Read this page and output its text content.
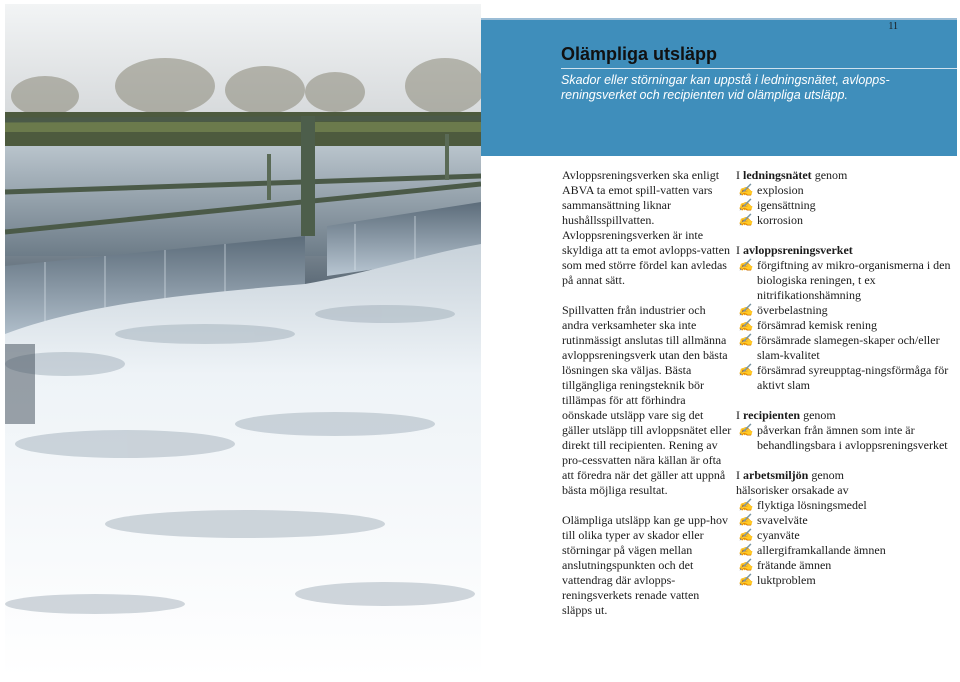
Olämpliga utsläpp
Skador eller störningar kan uppstå i ledningsnätet, avlopps-reningsverket och recipienten vid olämpliga utsläpp.
11

Avloppsreningsverken ska enligt ABVA ta emot spill-vatten vars sammansättning liknar hushållsspillvatten. Avloppsreningsverken är inte skyldiga att ta emot avlopps-vatten som med större fördel kan avledas på annat sätt.

Spillvatten från industrier och andra verksamheter ska inte rutinmässigt anslutas till allmänna avloppsreningsverk utan den bästa lösningen ska väljas. Bästa tillgängliga reningsteknik bör tillämpas för att förhindra oönskade utsläpp vare sig det gäller utsläpp till avloppsnätet eller direkt till recipienten. Rening av pro-cessvatten nära källan är ofta att föredra när det gäller att uppnå bästa möjliga resultat.

Olämpliga utsläpp kan ge upp-hov till olika typer av skador eller störningar på vägen mellan anslutningspunkten och det vattendrag där avlopps-reningsverkets renade vatten släpps ut.

I ledningsnätet genom

✍ explosion
✍ igensättning
✍ korrosion

I avloppsreningsverket

✍ förgiftning av mikro-organismerna i den biologiska reningen, t ex nitrifikationshämning
✍ överbelastning
✍ försämrad kemisk rening
✍ försämrade slamegen-skaper och/eller slam-kvalitet
✍ försämrad syreupptag-ningsförmåga för aktivt slam

I recipienten genom

✍ påverkan från ämnen som inte är behandlingsbara i avloppsreningsverket

I arbetsmiljön genom

hälsorisker orsakade av

✍ flyktiga lösningsmedel
✍ svavelväte
✍ cyanväte
✍ allergiframkallande ämnen
✍ frätande ämnen
✍ luktproblem
